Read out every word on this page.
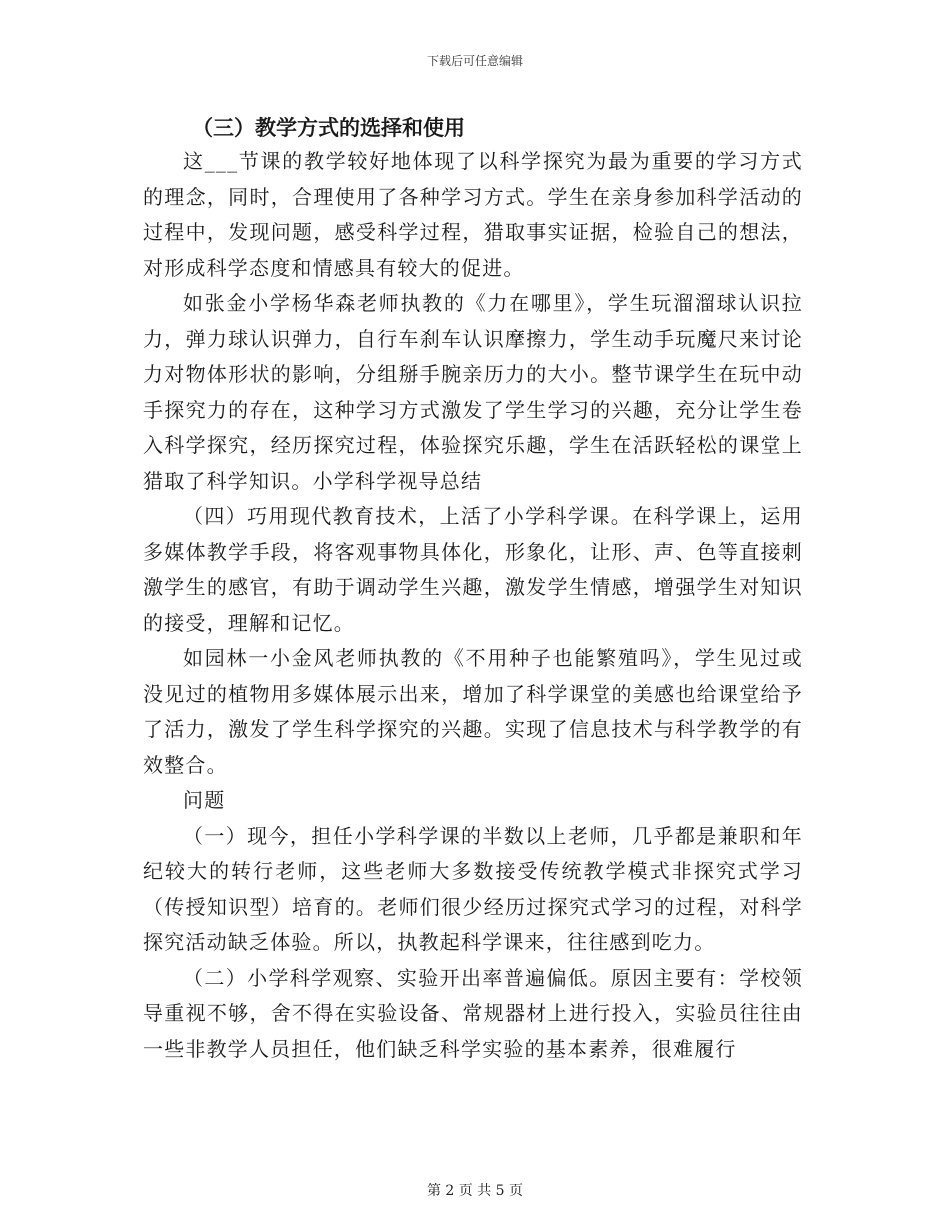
下载后可任意编辑
（三）教学方式的选择和使用

这___节课的教学较好地体现了以科学探究为最为重要的学习方式的理念，同时，合理使用了各种学习方式。学生在亲身参加科学活动的过程中，发现问题，感受科学过程，猎取事实证据，检验自己的想法，对形成科学态度和情感具有较大的促进。

如张金小学杨华森老师执教的《力在哪里》，学生玩溜溜球认识拉力，弹力球认识弹力，自行车刹车认识摩擦力，学生动手玩魔尺来讨论力对物体形状的影响，分组掰手腕亲历力的大小。整节课学生在玩中动手探究力的存在，这种学习方式激发了学生学习的兴趣，充分让学生卷入科学探究，经历探究过程，体验探究乐趣，学生在活跃轻松的课堂上猎取了科学知识。小学科学视导总结

（四）巧用现代教育技术，上活了小学科学课。在科学课上，运用多媒体教学手段，将客观事物具体化，形象化，让形、声、色等直接刺激学生的感官，有助于调动学生兴趣，激发学生情感，增强学生对知识的接受，理解和记忆。

如园林一小金风老师执教的《不用种子也能繁殖吗》，学生见过或没见过的植物用多媒体展示出来，增加了科学课堂的美感也给课堂给予了活力，激发了学生科学探究的兴趣。实现了信息技术与科学教学的有效整合。

问题

（一）现今，担任小学科学课的半数以上老师，几乎都是兼职和年纪较大的转行老师，这些老师大多数接受传统教学模式非探究式学习（传授知识型）培育的。老师们很少经历过探究式学习的过程，对科学探究活动缺乏体验。所以，执教起科学课来，往往感到吃力。

（二）小学科学观察、实验开出率普遍偏低。原因主要有：学校领导重视不够，舍不得在实验设备、常规器材上进行投入，实验员往往由一些非教学人员担任，他们缺乏科学实验的基本素养，很难履行

第 2 页 共 5 页
